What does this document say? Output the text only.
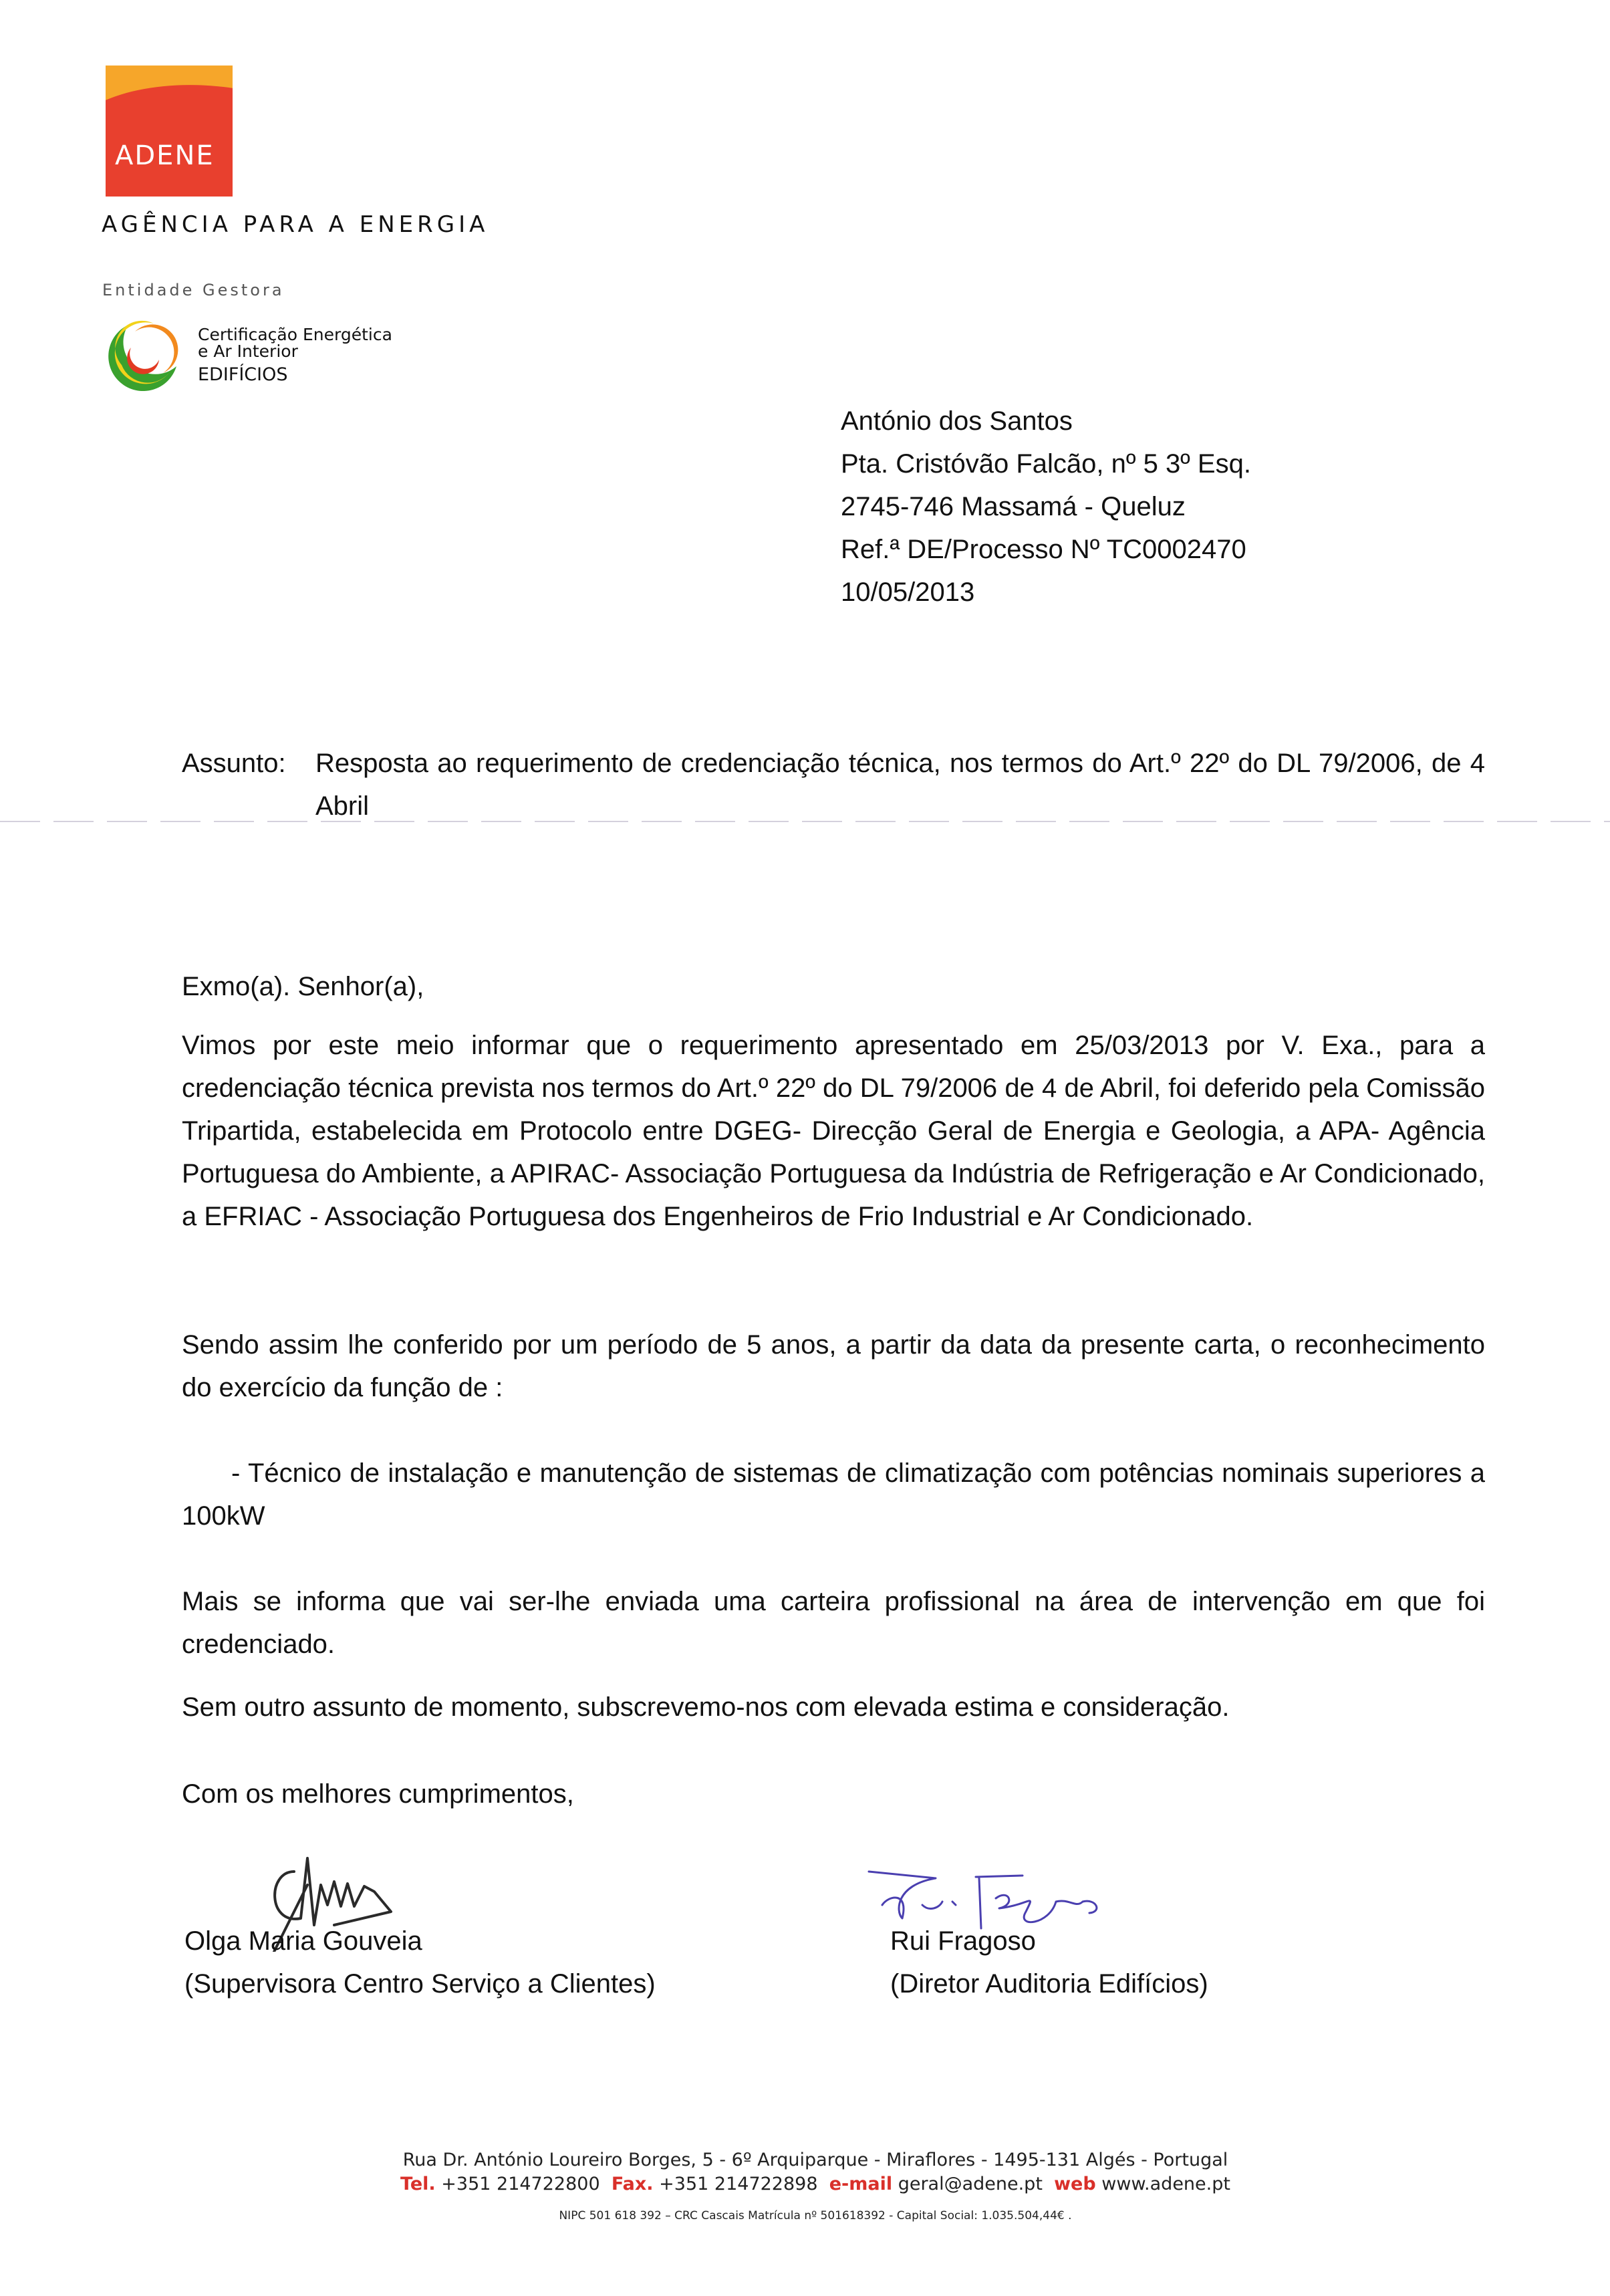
ADENE
AGÊNCIA PARA A ENERGIA
Entidade Gestora
Certificação Energética
e Ar Interior
EDIFÍCIOS
António dos Santos
Pta. Cristóvão Falcão, nº 5 3º Esq.
2745-746 Massamá - Queluz
Ref.ª DE/Processo Nº TC0002470
10/05/2013
Assunto: Resposta ao requerimento de credenciação técnica, nos termos do Art.º 22º do DL 79/2006, de 4 Abril
Exmo(a). Senhor(a),
Vimos por este meio informar que o requerimento apresentado em 25/03/2013 por V. Exa., para a credenciação técnica prevista nos termos do Art.º 22º do DL 79/2006 de 4 de Abril, foi deferido pela Comissão Tripartida, estabelecida em Protocolo entre DGEG- Direcção Geral de Energia e Geologia, a APA- Agência Portuguesa do Ambiente, a APIRAC- Associação Portuguesa da Indústria de Refrigeração e Ar Condicionado, a EFRIAC - Associação Portuguesa dos Engenheiros de Frio Industrial e Ar Condicionado.
Sendo assim lhe conferido por um período de 5 anos, a partir da data da presente carta, o reconhecimento do exercício da função de :
- Técnico de instalação e manutenção de sistemas de climatização com potências nominais superiores a 100kW
Mais se informa que vai ser-lhe enviada uma carteira profissional na área de intervenção em que foi credenciado.
Sem outro assunto de momento, subscrevemo-nos com elevada estima e consideração.
Com os melhores cumprimentos,
Olga Maria Gouveia
(Supervisora Centro Serviço a Clientes)
Rui Fragoso
(Diretor Auditoria Edifícios)
Rua Dr. António Loureiro Borges, 5 - 6º Arquiparque - Miraflores - 1495-131 Algés - Portugal
Tel. +351 214722800 Fax. +351 214722898 e-mail geral@adene.pt web www.adene.pt
NIPC 501 618 392 – CRC Cascais Matrícula nº 501618392 - Capital Social: 1.035.504,44€ .
